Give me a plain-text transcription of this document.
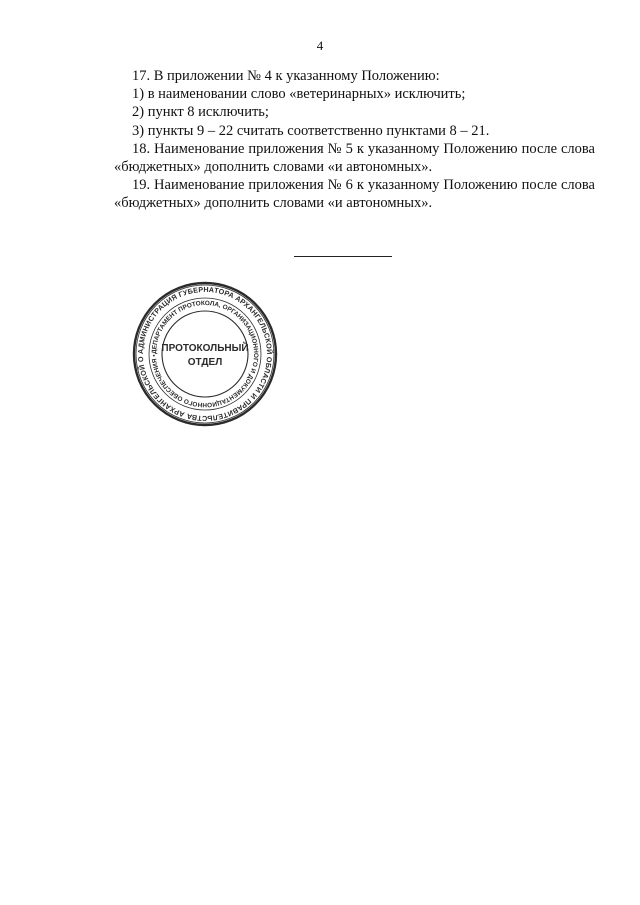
4

17. В приложении № 4 к указанному Положению:

1) в наименовании слово «ветеринарных» исключить;

2) пункт 8 исключить;

3) пункты 9 – 22 считать соответственно пунктами 8 – 21.

18. Наименование приложения № 5 к указанному Положению после слова «бюджетных» дополнить словами «и автономных».

19. Наименование приложения № 6 к указанному Положению после слова «бюджетных» дополнить словами «и автономных».

АДМИНИСТРАЦИЯ ГУБЕРНАТОРА АРХАНГЕЛЬСКОЙ ОБЛАСТИ И ПРАВИТЕЛЬСТВА АРХАНГЕЛЬСКОЙ О
ДЕПАРТАМЕНТ ПРОТОКОЛА, ОРГАНИЗАЦИОННОГО И ДОКУМЕНТАЦИОННОГО ОБЕСПЕЧЕНИЯ •
ПРОТОКОЛЬНЫЙ
ОТДЕЛ
